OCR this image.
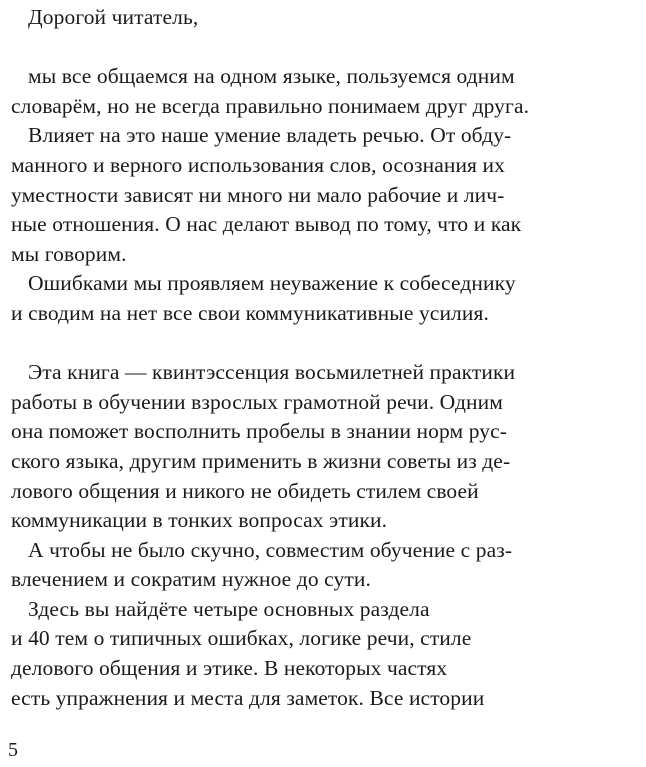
Дорогой читатель,
мы все общаемся на одном языке, пользуемся одним
словарём, но не всегда правильно понимаем друг друга.
Влияет на это наше умение владеть речью. От обду-
манного и верного использования слов, осознания их
уместности зависят ни много ни мало рабочие и лич-
ные отношения. О нас делают вывод по тому, что и как
мы говорим.
Ошибками мы проявляем неуважение к собеседнику
и сводим на нет все свои коммуникативные усилия.
Эта книга — квинтэссенция восьмилетней практики
работы в обучении взрослых грамотной речи. Одним
она поможет восполнить пробелы в знании норм рус-
ского языка, другим применить в жизни советы из де-
лового общения и никого не обидеть стилем своей
коммуникации в тонких вопросах этики.
А чтобы не было скучно, совместим обучение с раз-
влечением и сократим нужное до сути.
Здесь вы найдёте четыре основных раздела
и 40 тем о типичных ошибках, логике речи, стиле
делового общения и этике. В некоторых частях
есть упражнения и места для заметок. Все истории
5
